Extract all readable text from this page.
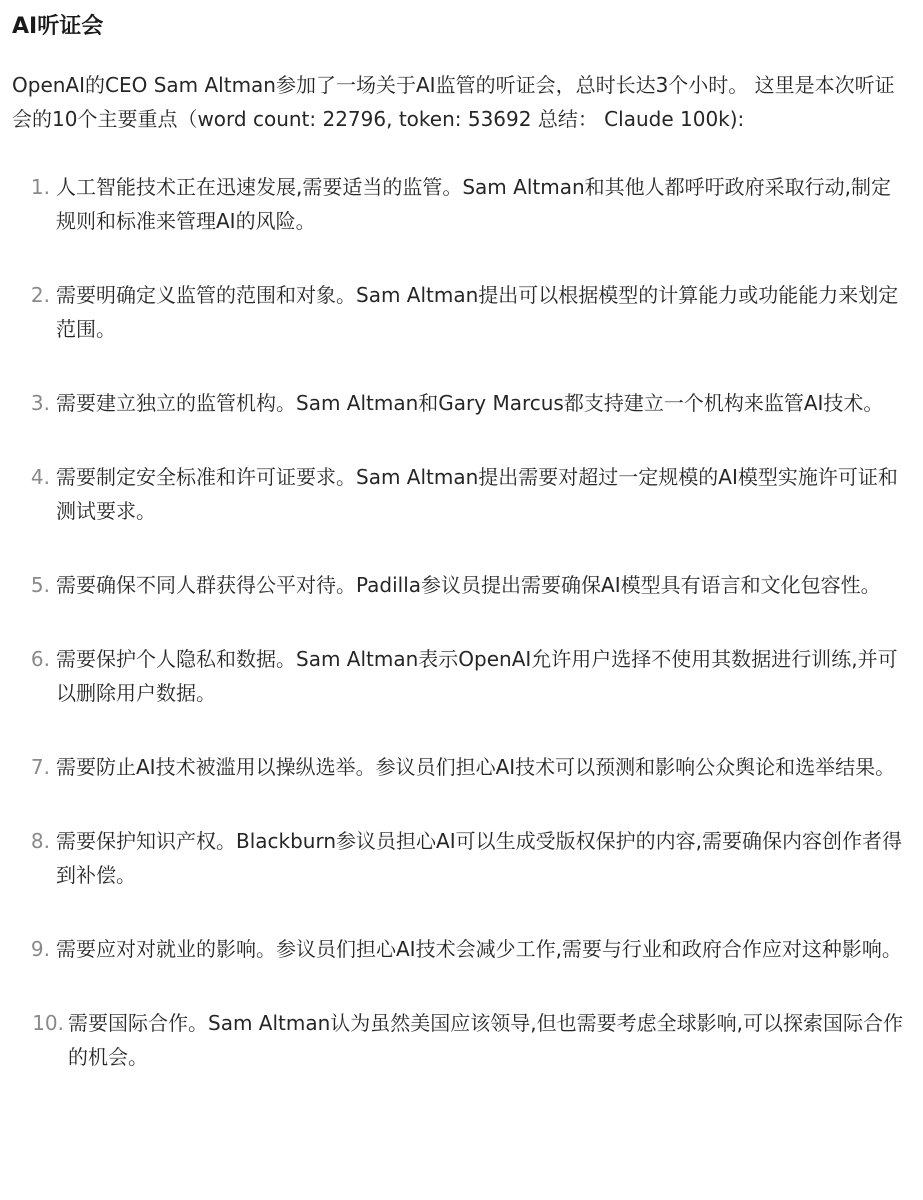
AI听证会

OpenAI的CEO Sam Altman参加了一场关于AI监管的听证会，总时长达3个小时。 这里是本次听证会的10个主要重点（word count: 22796, token: 53692 总结： Claude 100k):

1. 人工智能技术正在迅速发展,需要适当的监管。Sam Altman和其他人都呼吁政府采取行动,制定规则和标准来管理AI的风险。
2. 需要明确定义监管的范围和对象。Sam Altman提出可以根据模型的计算能力或功能能力来划定范围。
3. 需要建立独立的监管机构。Sam Altman和Gary Marcus都支持建立一个机构来监管AI技术。
4. 需要制定安全标准和许可证要求。Sam Altman提出需要对超过一定规模的AI模型实施许可证和测试要求。
5. 需要确保不同人群获得公平对待。Padilla参议员提出需要确保AI模型具有语言和文化包容性。
6. 需要保护个人隐私和数据。Sam Altman表示OpenAI允许用户选择不使用其数据进行训练,并可以删除用户数据。
7. 需要防止AI技术被滥用以操纵选举。参议员们担心AI技术可以预测和影响公众舆论和选举结果。
8. 需要保护知识产权。Blackburn参议员担心AI可以生成受版权保护的内容,需要确保内容创作者得到补偿。
9. 需要应对对就业的影响。参议员们担心AI技术会减少工作,需要与行业和政府合作应对这种影响。
10. 需要国际合作。Sam Altman认为虽然美国应该领导,但也需要考虑全球影响,可以探索国际合作的机会。
